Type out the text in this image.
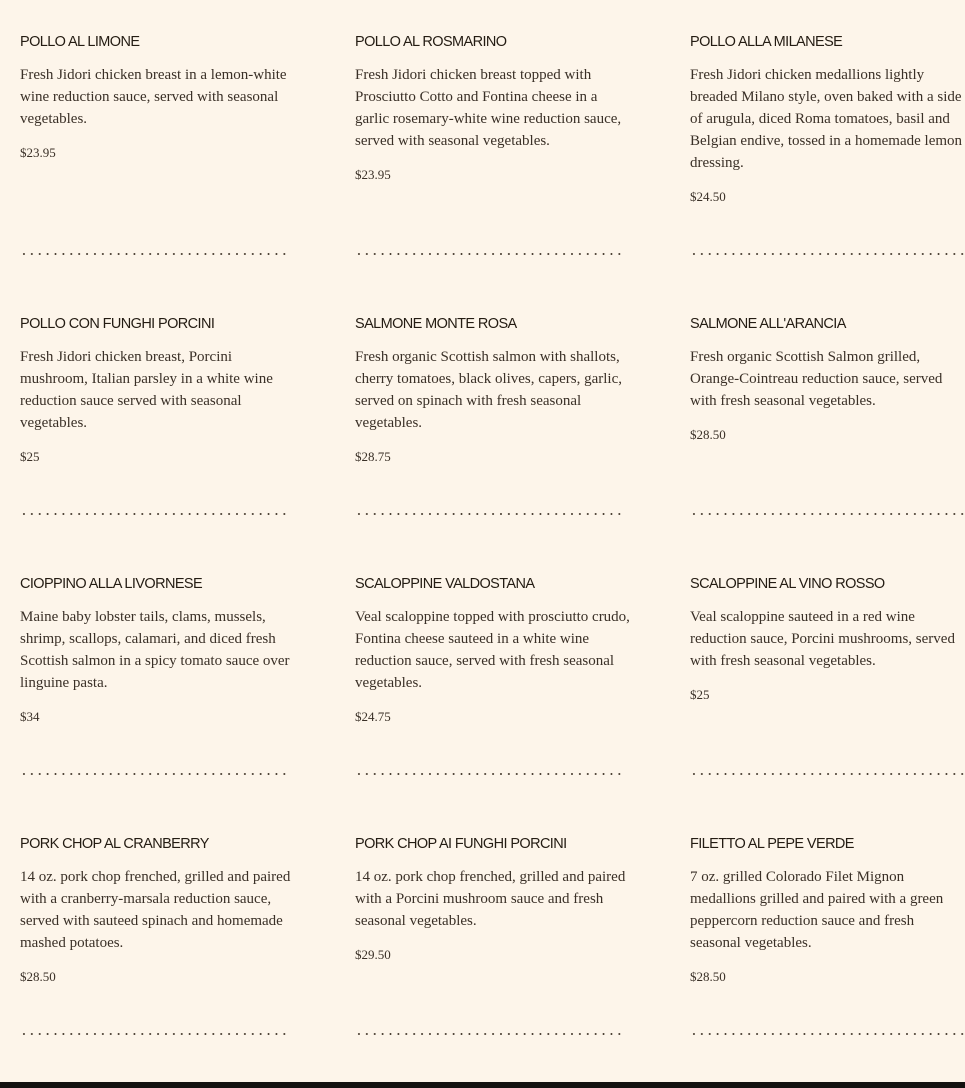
POLLO AL LIMONE

Fresh Jidori chicken breast in a lemon-white wine reduction sauce, served with seasonal vegetables.

$23.95

POLLO AL ROSMARINO

Fresh Jidori chicken breast topped with Prosciutto Cotto and Fontina cheese in a garlic rosemary-white wine reduction sauce, served with seasonal vegetables.

$23.95

POLLO ALLA MILANESE

Fresh Jidori chicken medallions lightly breaded Milano style, oven baked with a side of arugula, diced Roma tomatoes, basil and Belgian endive, tossed in a homemade lemon dressing.

$24.50

POLLO CON FUNGHI PORCINI

Fresh Jidori chicken breast, Porcini mushroom, Italian parsley in a white wine reduction sauce served with seasonal vegetables.

$25

SALMONE MONTE ROSA

Fresh organic Scottish salmon with shallots, cherry tomatoes, black olives, capers, garlic, served on spinach with fresh seasonal vegetables.

$28.75

SALMONE ALL'ARANCIA

Fresh organic Scottish Salmon grilled, Orange-Cointreau reduction sauce, served with fresh seasonal vegetables.

$28.50

CIOPPINO ALLA LIVORNESE

Maine baby lobster tails, clams, mussels, shrimp, scallops, calamari, and diced fresh Scottish salmon in a spicy tomato sauce over linguine pasta.

$34

SCALOPPINE VALDOSTANA

Veal scaloppine topped with prosciutto crudo, Fontina cheese sauteed in a white wine reduction sauce, served with fresh seasonal vegetables.

$24.75

SCALOPPINE AL VINO ROSSO

Veal scaloppine sauteed in a red wine reduction sauce, Porcini mushrooms, served with fresh seasonal vegetables.

$25

PORK CHOP AL CRANBERRY

14 oz. pork chop frenched, grilled and paired with a cranberry-marsala reduction sauce, served with sauteed spinach and homemade mashed potatoes.

$28.50

PORK CHOP AI FUNGHI PORCINI

14 oz. pork chop frenched, grilled and paired with a Porcini mushroom sauce and fresh seasonal vegetables.

$29.50

FILETTO AL PEPE VERDE

7 oz. grilled Colorado Filet Mignon medallions grilled and paired with a green peppercorn reduction sauce and fresh seasonal vegetables.

$28.50
